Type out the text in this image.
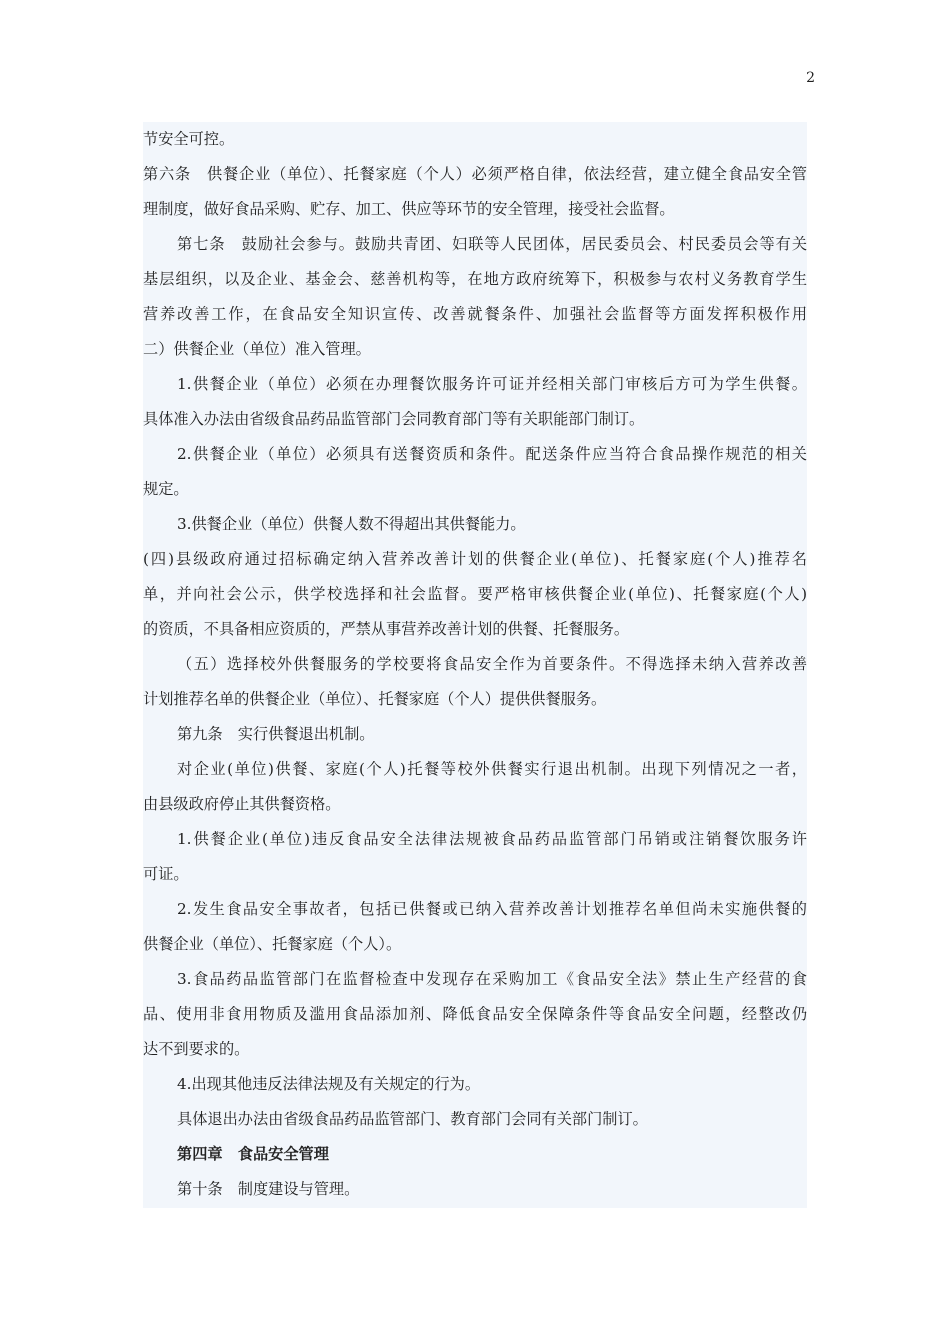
2
节安全可控。
第六条　供餐企业（单位）、托餐家庭（个人）必须严格自律，依法经营，建立健全食品安全管
理制度，做好食品采购、贮存、加工、供应等环节的安全管理，接受社会监督。
第七条　鼓励社会参与。鼓励共青团、妇联等人民团体，居民委员会、村民委员会等有关
基层组织，以及企业、基金会、慈善机构等，在地方政府统筹下，积极参与农村义务教育学生
营养改善工作，在食品安全知识宣传、改善就餐条件、加强社会监督等方面发挥积极作用
二）供餐企业（单位）准入管理。
1.供餐企业（单位）必须在办理餐饮服务许可证并经相关部门审核后方可为学生供餐。
具体准入办法由省级食品药品监管部门会同教育部门等有关职能部门制订。
2.供餐企业（单位）必须具有送餐资质和条件。配送条件应当符合食品操作规范的相关
规定。
3.供餐企业（单位）供餐人数不得超出其供餐能力。
(四)县级政府通过招标确定纳入营养改善计划的供餐企业(单位)、托餐家庭(个人)推荐名
单，并向社会公示，供学校选择和社会监督。要严格审核供餐企业(单位)、托餐家庭(个人)
的资质，不具备相应资质的，严禁从事营养改善计划的供餐、托餐服务。
（五）选择校外供餐服务的学校要将食品安全作为首要条件。不得选择未纳入营养改善
计划推荐名单的供餐企业（单位）、托餐家庭（个人）提供供餐服务。
第九条　实行供餐退出机制。
对企业(单位)供餐、家庭(个人)托餐等校外供餐实行退出机制。出现下列情况之一者，
由县级政府停止其供餐资格。
1.供餐企业(单位)违反食品安全法律法规被食品药品监管部门吊销或注销餐饮服务许
可证。
2.发生食品安全事故者，包括已供餐或已纳入营养改善计划推荐名单但尚未实施供餐的
供餐企业（单位）、托餐家庭（个人）。
3.食品药品监管部门在监督检查中发现存在采购加工《食品安全法》禁止生产经营的食
品、使用非食用物质及滥用食品添加剂、降低食品安全保障条件等食品安全问题，经整改仍
达不到要求的。
4.出现其他违反法律法规及有关规定的行为。
具体退出办法由省级食品药品监管部门、教育部门会同有关部门制订。
第四章　食品安全管理
第十条　制度建设与管理。
